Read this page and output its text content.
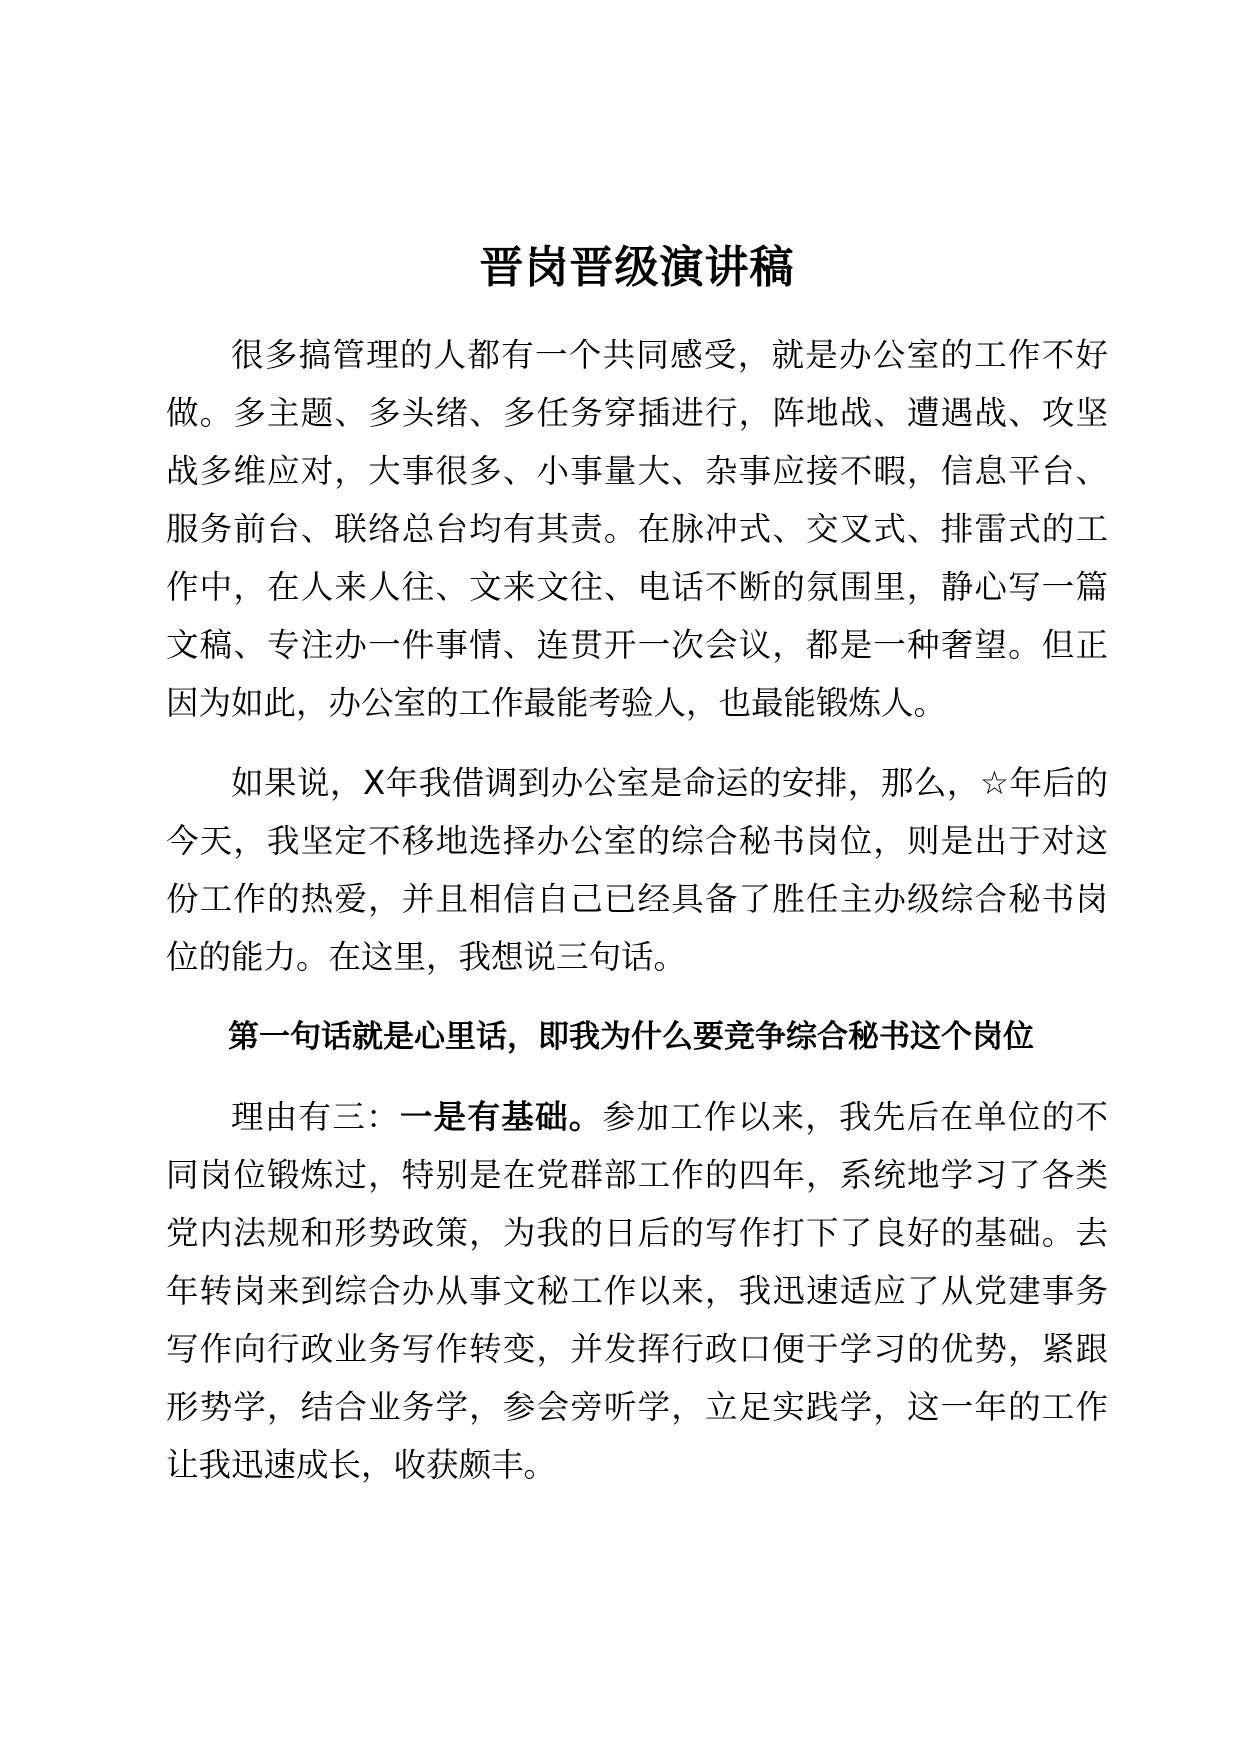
晋岗晋级演讲稿

很多搞管理的人都有一个共同感受，就是办公室的工作不好做。多主题、多头绪、多任务穿插进行，阵地战、遭遇战、攻坚战多维应对，大事很多、小事量大、杂事应接不暇，信息平台、服务前台、联络总台均有其责。在脉冲式、交叉式、排雷式的工作中，在人来人往、文来文往、电话不断的氛围里，静心写一篇文稿、专注办一件事情、连贯开一次会议，都是一种奢望。但正因为如此，办公室的工作最能考验人，也最能锻炼人。

如果说，X年我借调到办公室是命运的安排，那么，☆年后的今天，我坚定不移地选择办公室的综合秘书岗位，则是出于对这份工作的热爱，并且相信自己已经具备了胜任主办级综合秘书岗位的能力。在这里，我想说三句话。

第一句话就是心里话，即我为什么要竞争综合秘书这个岗位

理由有三：一是有基础。参加工作以来，我先后在单位的不同岗位锻炼过，特别是在党群部工作的四年，系统地学习了各类党内法规和形势政策，为我的日后的写作打下了良好的基础。去年转岗来到综合办从事文秘工作以来，我迅速适应了从党建事务写作向行政业务写作转变，并发挥行政口便于学习的优势，紧跟形势学，结合业务学，参会旁听学，立足实践学，这一年的工作让我迅速成长，收获颇丰。
